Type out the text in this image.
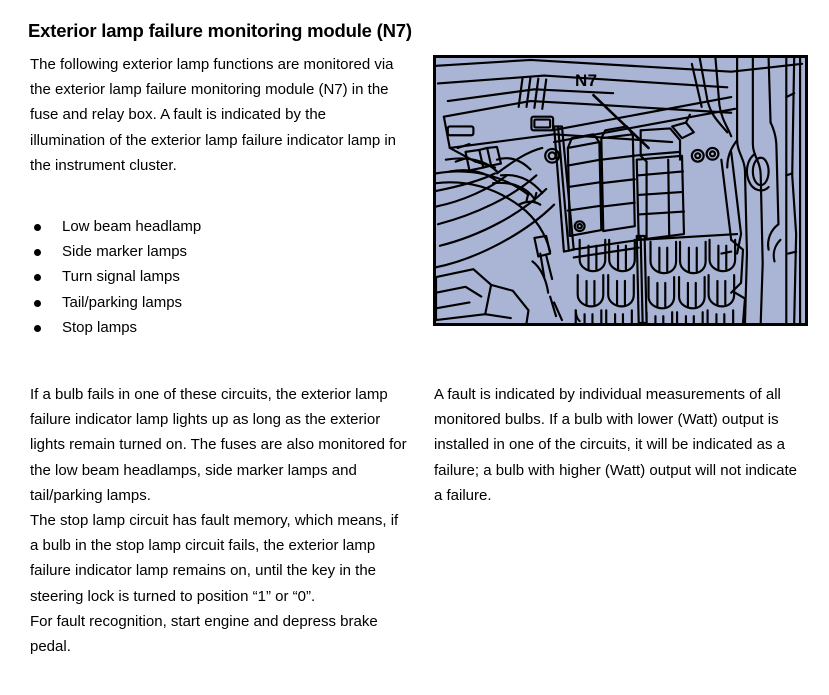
Exterior lamp failure monitoring module (N7)
The following exterior lamp functions are monitored via the exterior lamp failure monitoring module (N7) in the fuse and relay box. A fault is indicated by the illumination of the exterior lamp failure indicator lamp in the instrument cluster.
Low beam headlamp
Side marker lamps
Turn signal lamps
Tail/parking lamps
Stop lamps

If a bulb fails in one of these circuits, the exterior lamp failure indicator lamp lights up as long as the exterior lights remain turned on. The fuses are also monitored for the low beam headlamps, side marker lamps and tail/parking lamps.

The stop lamp circuit has fault memory, which means, if a bulb in the stop lamp circuit fails, the exterior lamp failure indicator lamp remains on, until the key in the steering lock is turned to position “1” or “0”.

For fault recognition, start engine and depress brake pedal.

A fault is indicated by individual measurements of all monitored bulbs. If a bulb with lower (Watt) output is installed in one of the circuits, it will be indicated as a failure; a bulb with higher (Watt) output will not indicate a failure.

N7
